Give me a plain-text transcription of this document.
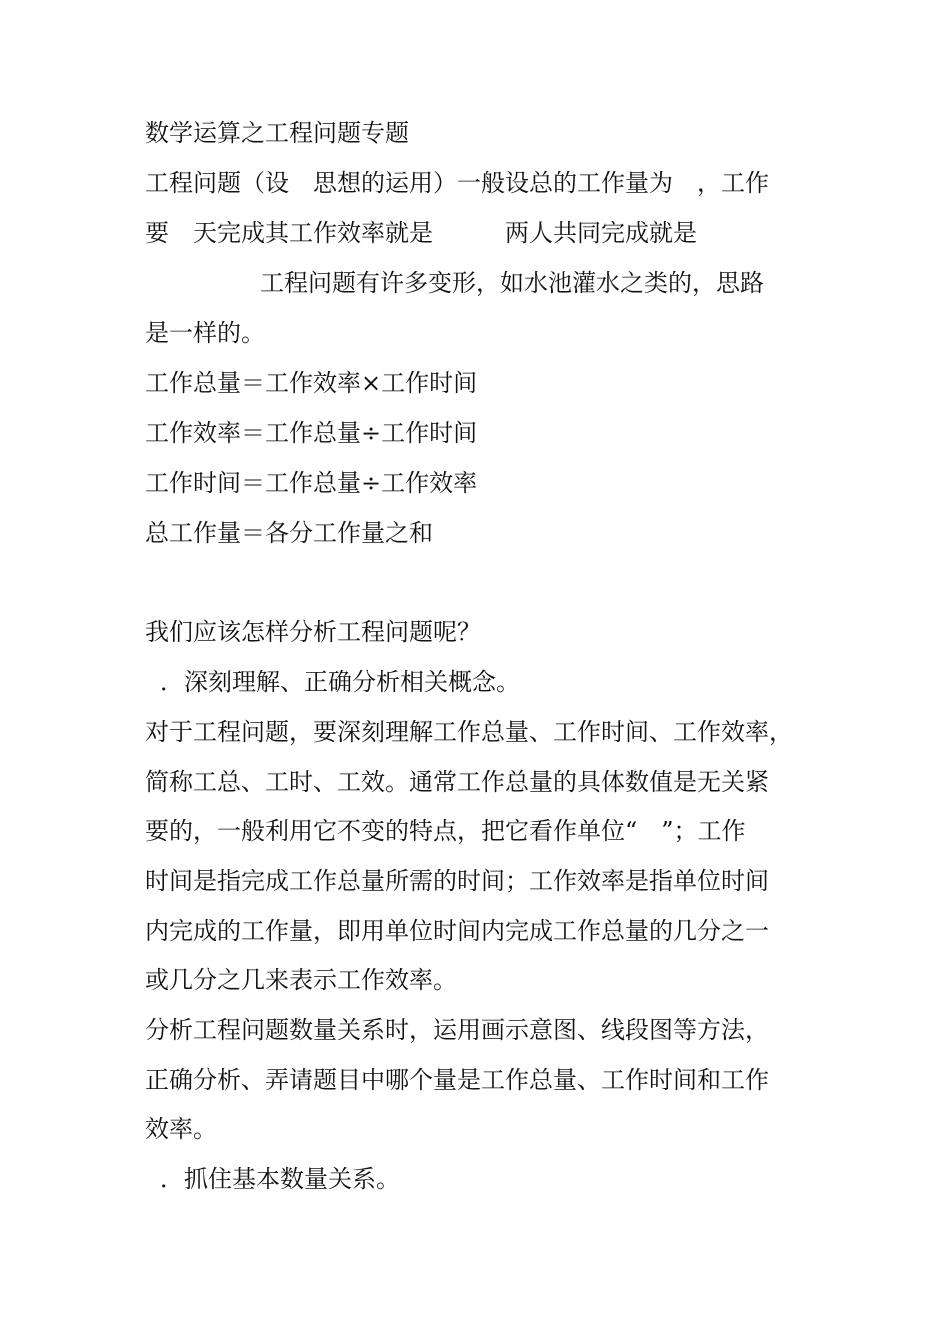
数学运算之工程问题专题
工程问题（设　思想的运用）一般设总的工作量为　，工作
要　天完成其工作效率就是　　　两人共同完成就是
工程问题有许多变形，如水池灌水之类的，思路
是一样的。
工作总量＝工作效率×工作时间
工作效率＝工作总量÷工作时间
工作时间＝工作总量÷工作效率
总工作量＝各分工作量之和
我们应该怎样分析工程问题呢？
．深刻理解、正确分析相关概念。
对于工程问题，要深刻理解工作总量、工作时间、工作效率，
简称工总、工时、工效。通常工作总量的具体数值是无关紧
要的，一般利用它不变的特点，把它看作单位“　”；工作
时间是指完成工作总量所需的时间；工作效率是指单位时间
内完成的工作量，即用单位时间内完成工作总量的几分之一
或几分之几来表示工作效率。
分析工程问题数量关系时，运用画示意图、线段图等方法，
正确分析、弄请题目中哪个量是工作总量、工作时间和工作
效率。
．抓住基本数量关系。
